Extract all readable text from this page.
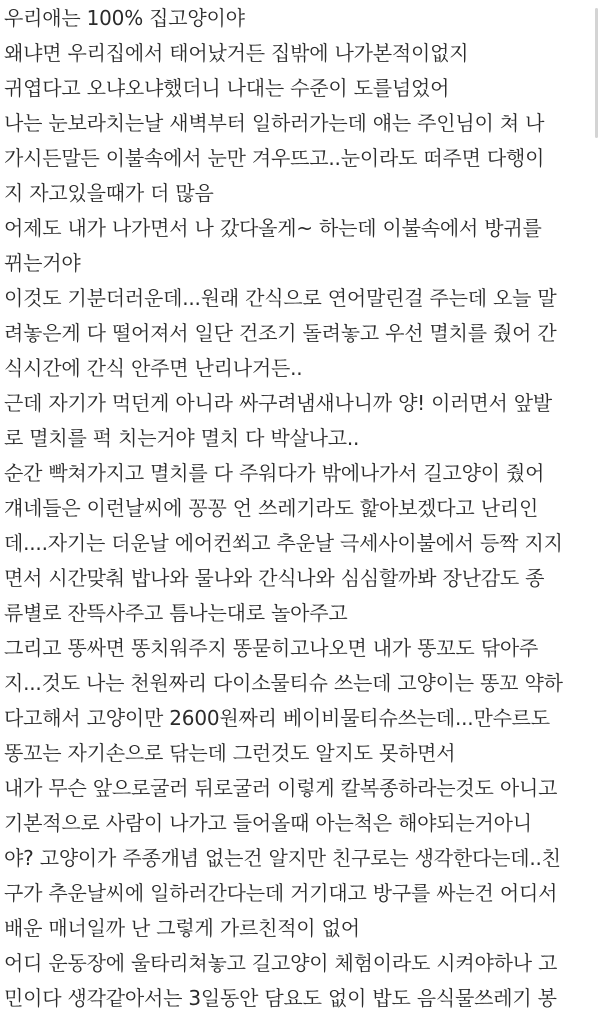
우리애는 100% 집고양이야
왜냐면 우리집에서 태어났거든 집밖에 나가본적이없지
귀엽다고 오냐오냐했더니 나대는 수준이 도를넘었어
나는 눈보라치는날 새벽부터 일하러가는데 얘는 주인님이 쳐 나
가시든말든 이불속에서 눈만 겨우뜨고..눈이라도 떠주면 다행이
지 자고있을때가 더 많음
어제도 내가 나가면서 나 갔다올게~ 하는데 이불속에서 방귀를
뀌는거야
이것도 기분더러운데...원래 간식으로 연어말린걸 주는데 오늘 말
려놓은게 다 떨어져서 일단 건조기 돌려놓고 우선 멸치를 줬어 간
식시간에 간식 안주면 난리나거든..
근데 자기가 먹던게 아니라 싸구려냄새나니까 양! 이러면서 앞발
로 멸치를 퍽 치는거야 멸치 다 박살나고..
순간 빡쳐가지고 멸치를 다 주워다가 밖에나가서 길고양이 줬어
걔네들은 이런날씨에 꽁꽁 언 쓰레기라도 핥아보겠다고 난리인
데....자기는 더운날 에어컨쐬고 추운날 극세사이불에서 등짝 지지
면서 시간맞춰 밥나와 물나와 간식나와 심심할까봐 장난감도 종
류별로 잔뜩사주고 틈나는대로 놀아주고
그리고 똥싸면 똥치워주지 똥묻히고나오면 내가 똥꼬도 닦아주
지...것도 나는 천원짜리 다이소물티슈 쓰는데 고양이는 똥꼬 약하
다고해서 고양이만 2600원짜리 베이비물티슈쓰는데...만수르도
똥꼬는 자기손으로 닦는데 그런것도 알지도 못하면서
내가 무슨 앞으로굴러 뒤로굴러 이렇게 칼복종하라는것도 아니고
기본적으로 사람이 나가고 들어올때 아는척은 해야되는거아니
야? 고양이가 주종개념 없는건 알지만 친구로는 생각한다는데..친
구가 추운날씨에 일하러간다는데 거기대고 방구를 싸는건 어디서
배운 매너일까 난 그렇게 가르친적이 없어
어디 운동장에 울타리쳐놓고 길고양이 체험이라도 시켜야하나 고
민이다 생각같아서는 3일동안 담요도 없이 밥도 음식물쓰레기 봉
